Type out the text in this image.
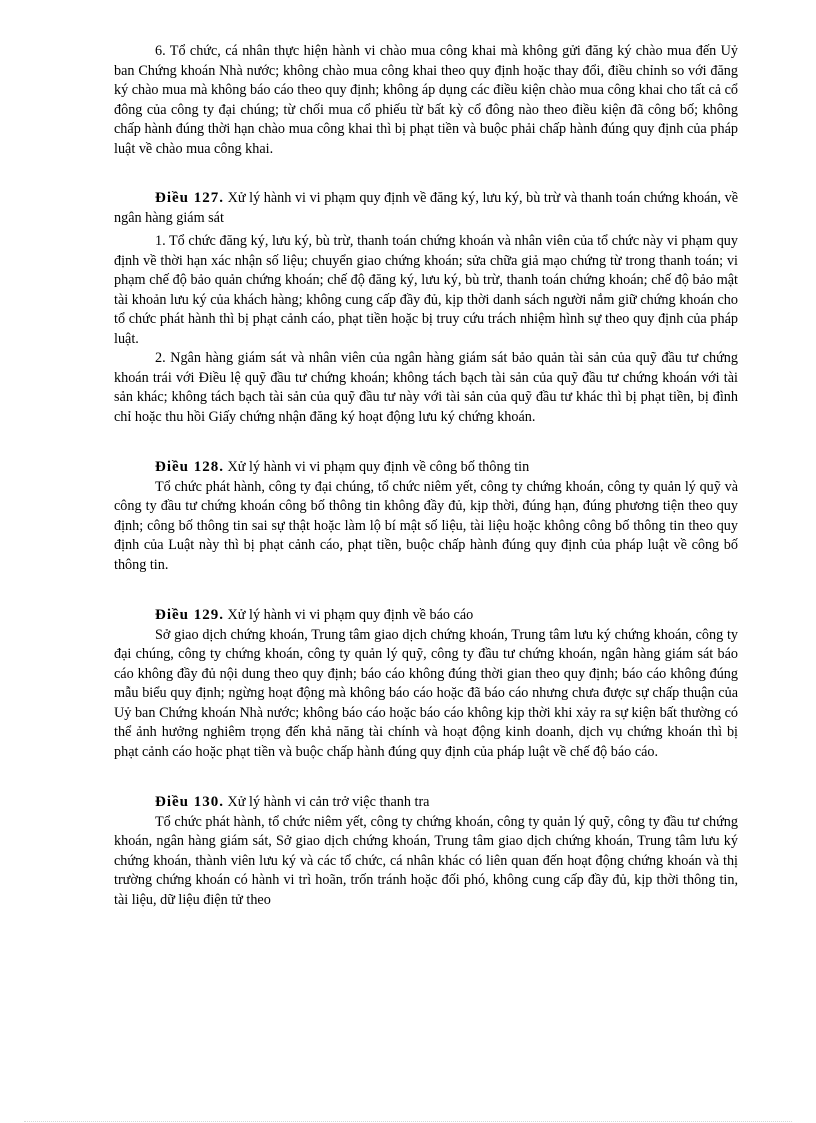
6. Tổ chức, cá nhân thực hiện hành vi chào mua công khai mà không gửi đăng ký chào mua đến Uỷ ban Chứng khoán Nhà nước; không chào mua công khai theo quy định hoặc thay đổi, điều chỉnh so với đăng ký chào mua mà không báo cáo theo quy định; không áp dụng các điều kiện chào mua công khai cho tất cả cổ đông của công ty đại chúng; từ chối mua cổ phiếu từ bất kỳ cổ đông nào theo điều kiện đã công bố; không chấp hành đúng thời hạn chào mua công khai thì bị phạt tiền và buộc phải chấp hành đúng quy định của pháp luật về chào mua công khai.

Điều 127. Xử lý hành vi vi phạm quy định về đăng ký, lưu ký, bù trừ và thanh toán chứng khoán, về ngân hàng giám sát

1. Tổ chức đăng ký, lưu ký, bù trừ, thanh toán chứng khoán và nhân viên của tổ chức này vi phạm quy định về thời hạn xác nhận số liệu; chuyển giao chứng khoán; sửa chữa giả mạo chứng từ trong thanh toán; vi phạm chế độ bảo quản chứng khoán; chế độ đăng ký, lưu ký, bù trừ, thanh toán chứng khoán; chế độ bảo mật tài khoản lưu ký của khách hàng; không cung cấp đầy đủ, kịp thời danh sách người nắm giữ chứng khoán cho tổ chức phát hành thì bị phạt cảnh cáo, phạt tiền hoặc bị truy cứu trách nhiệm hình sự theo quy định của pháp luật.

2. Ngân hàng giám sát và nhân viên của ngân hàng giám sát bảo quản tài sản của quỹ đầu tư chứng khoán trái với Điều lệ quỹ đầu tư chứng khoán; không tách bạch tài sản của quỹ đầu tư chứng khoán với tài sản khác; không tách bạch tài sản của quỹ đầu tư này với tài sản của quỹ đầu tư khác thì bị phạt tiền, bị đình chỉ hoặc thu hồi Giấy chứng nhận đăng ký hoạt động lưu ký chứng khoán.

Điều 128. Xử lý hành vi vi phạm quy định về công bố thông tin

Tổ chức phát hành, công ty đại chúng, tổ chức niêm yết, công ty chứng khoán, công ty quản lý quỹ và công ty đầu tư chứng khoán công bố thông tin không đầy đủ, kịp thời, đúng hạn, đúng phương tiện theo quy định; công bố thông tin sai sự thật hoặc làm lộ bí mật số liệu, tài liệu hoặc không công bố thông tin theo quy định của Luật này thì bị phạt cảnh cáo, phạt tiền, buộc chấp hành đúng quy định của pháp luật về công bố thông tin.

Điều 129. Xử lý hành vi vi phạm quy định về báo cáo

Sở giao dịch chứng khoán, Trung tâm giao dịch chứng khoán, Trung tâm lưu ký chứng khoán, công ty đại chúng, công ty chứng khoán, công ty quản lý quỹ, công ty đầu tư chứng khoán, ngân hàng giám sát báo cáo không đầy đủ nội dung theo quy định; báo cáo không đúng thời gian theo quy định; báo cáo không đúng mẫu biểu quy định; ngừng hoạt động mà không báo cáo hoặc đã báo cáo nhưng chưa được sự chấp thuận của Uỷ ban Chứng khoán Nhà nước; không báo cáo hoặc báo cáo không kịp thời khi xảy ra sự kiện bất thường có thể ảnh hưởng nghiêm trọng đến khả năng tài chính và hoạt động kinh doanh, dịch vụ chứng khoán thì bị phạt cảnh cáo hoặc phạt tiền và buộc chấp hành đúng quy định của pháp luật về chế độ báo cáo.

Điều 130. Xử lý hành vi cản trở việc thanh tra

Tổ chức phát hành, tổ chức niêm yết, công ty chứng khoán, công ty quản lý quỹ, công ty đầu tư chứng khoán, ngân hàng giám sát, Sở giao dịch chứng khoán, Trung tâm giao dịch chứng khoán, Trung tâm lưu ký chứng khoán, thành viên lưu ký và các tổ chức, cá nhân khác có liên quan đến hoạt động chứng khoán và thị trường chứng khoán có hành vi trì hoãn, trốn tránh hoặc đối phó, không cung cấp đầy đủ, kịp thời thông tin, tài liệu, dữ liệu điện tử theo
